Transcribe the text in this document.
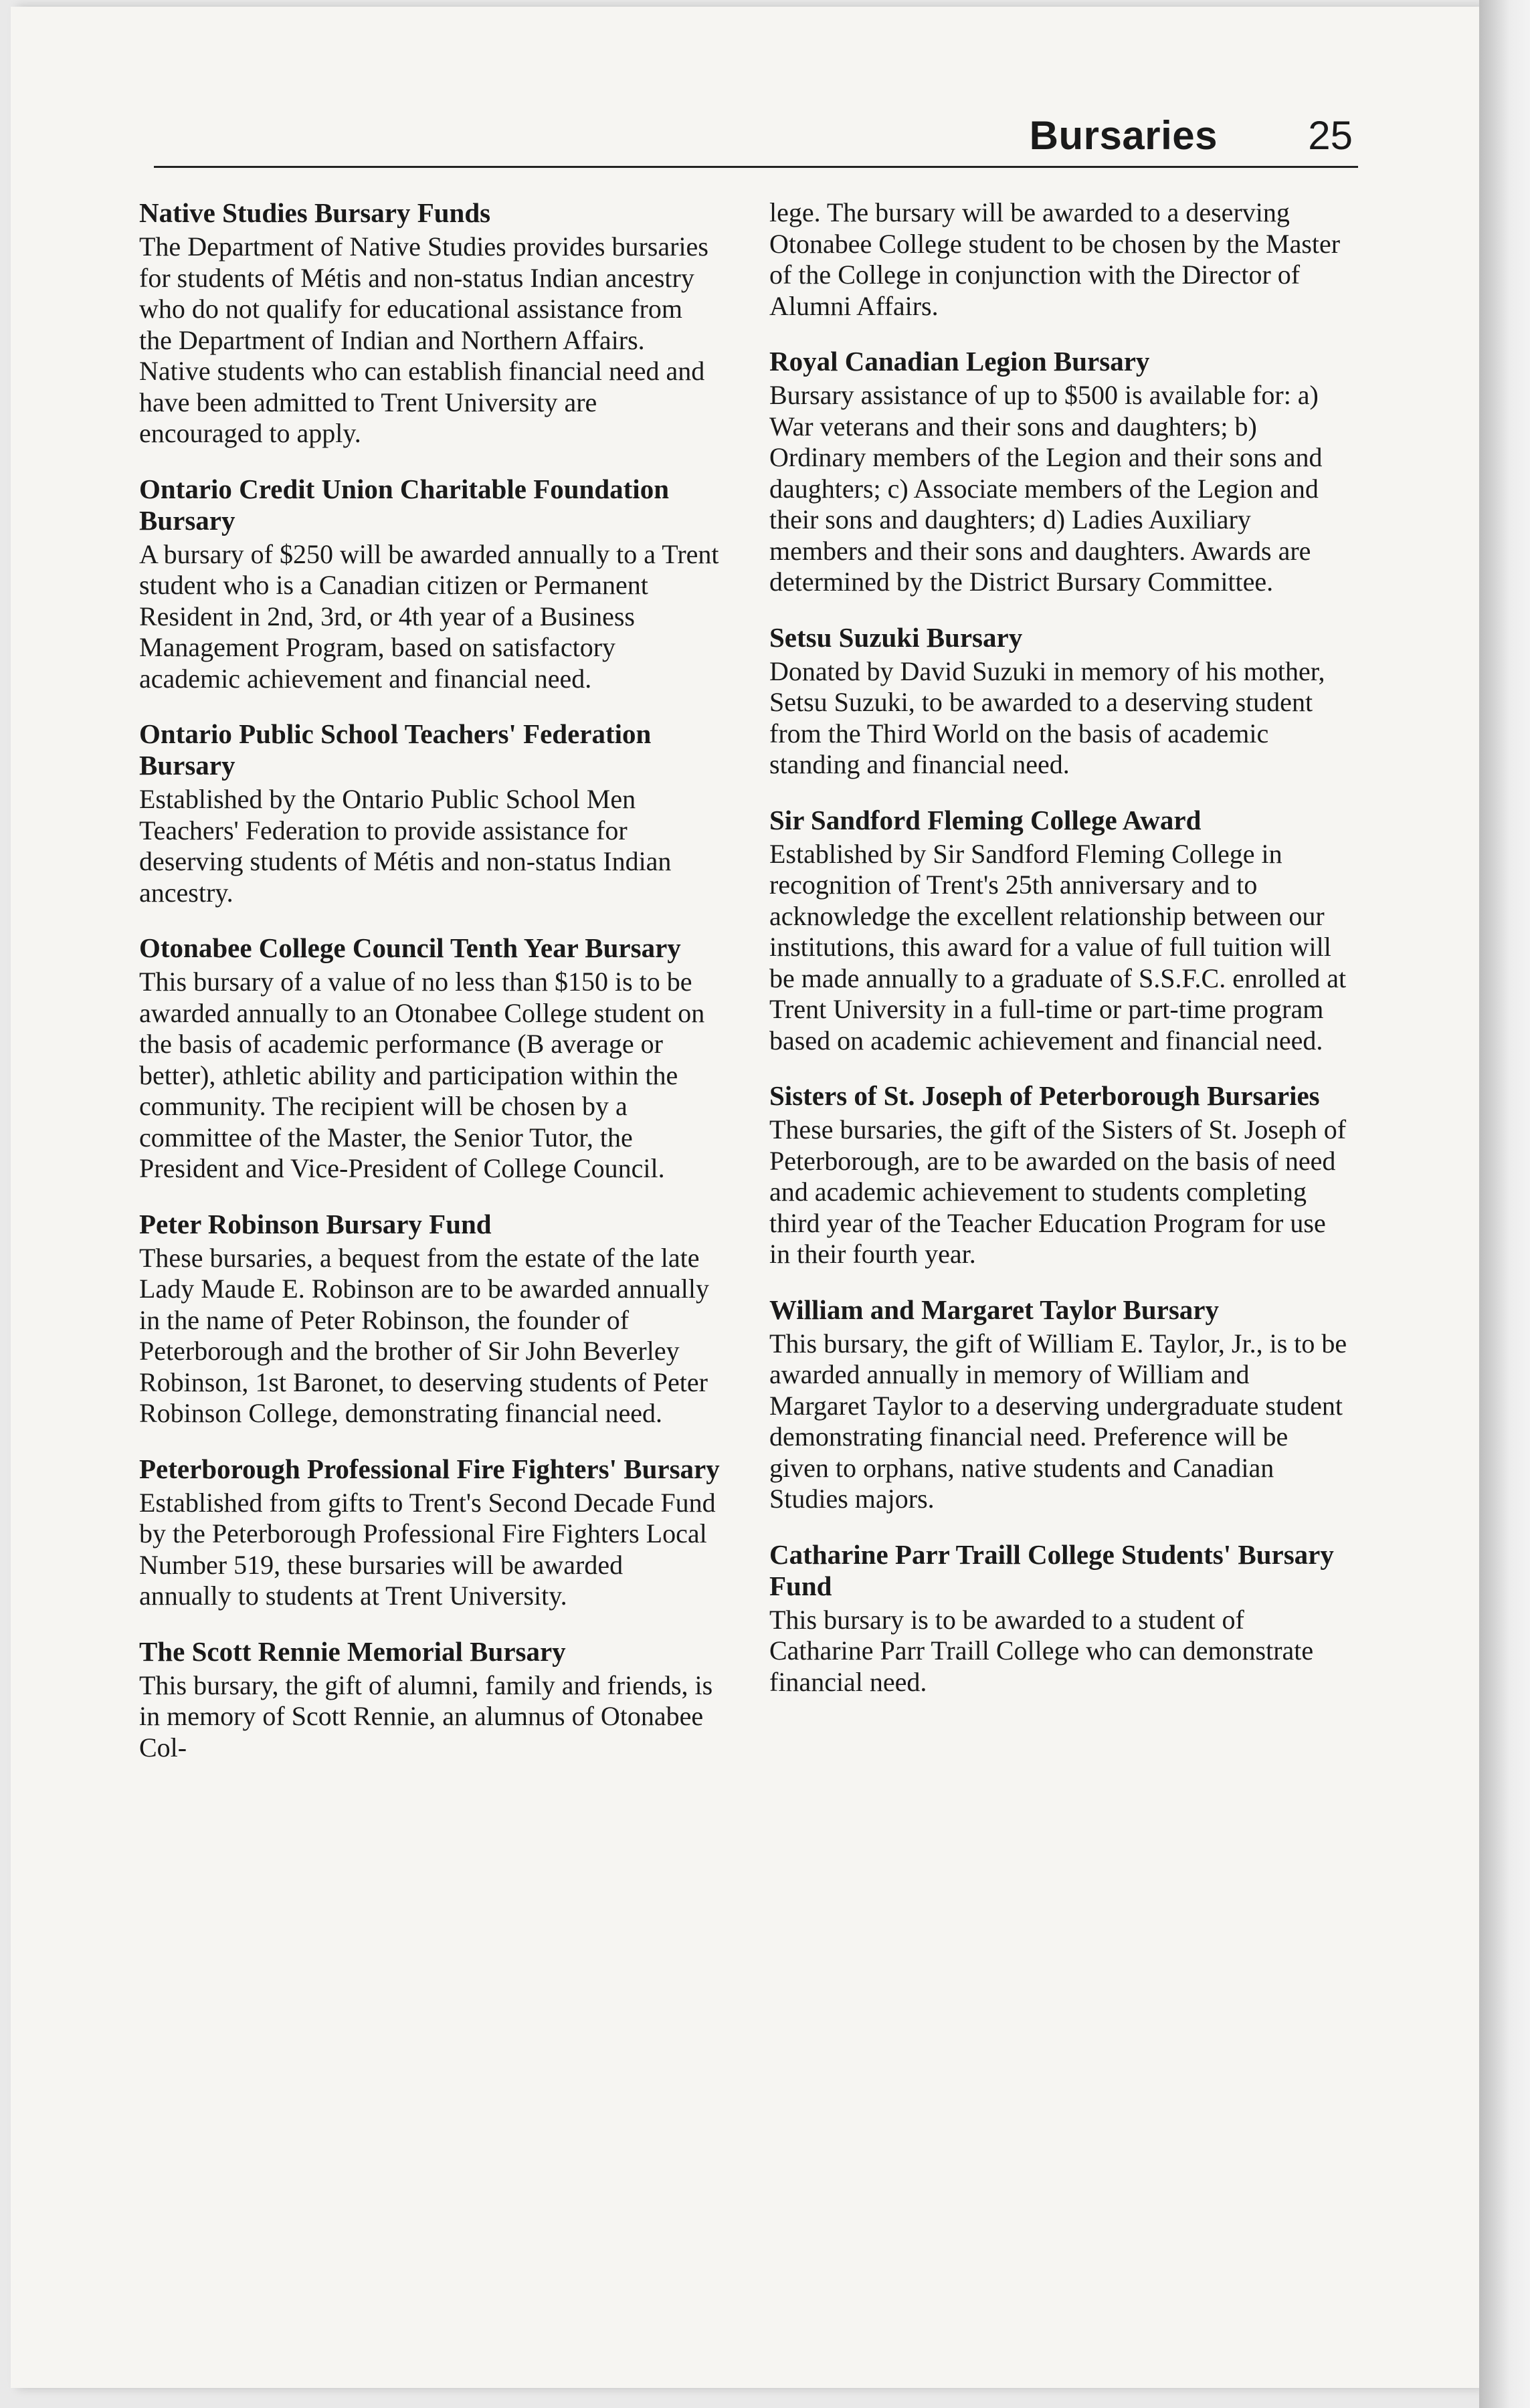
Bursaries 25
Native Studies Bursary Funds

The Department of Native Studies provides bursaries for students of Métis and non-status Indian ancestry who do not qualify for educational assistance from the Department of Indian and Northern Affairs. Native students who can establish financial need and have been admitted to Trent University are encouraged to apply.

Ontario Credit Union Charitable Foundation Bursary

A bursary of $250 will be awarded annually to a Trent student who is a Canadian citizen or Permanent Resident in 2nd, 3rd, or 4th year of a Business Management Program, based on satisfactory academic achievement and financial need.

Ontario Public School Teachers' Federation Bursary

Established by the Ontario Public School Men Teachers' Federation to provide assistance for deserving students of Métis and non-status Indian ancestry.

Otonabee College Council Tenth Year Bursary

This bursary of a value of no less than $150 is to be awarded annually to an Otonabee College student on the basis of academic performance (B average or better), athletic ability and participation within the community. The recipient will be chosen by a committee of the Master, the Senior Tutor, the President and Vice-President of College Council.

Peter Robinson Bursary Fund

These bursaries, a bequest from the estate of the late Lady Maude E. Robinson are to be awarded annually in the name of Peter Robinson, the founder of Peterborough and the brother of Sir John Beverley Robinson, 1st Baronet, to deserving students of Peter Robinson College, demonstrating financial need.

Peterborough Professional Fire Fighters' Bursary

Established from gifts to Trent's Second Decade Fund by the Peterborough Professional Fire Fighters Local Number 519, these bursaries will be awarded annually to students at Trent University.

The Scott Rennie Memorial Bursary

This bursary, the gift of alumni, family and friends, is in memory of Scott Rennie, an alumnus of Otonabee Col-

lege. The bursary will be awarded to a deserving Otonabee College student to be chosen by the Master of the College in conjunction with the Director of Alumni Affairs.

Royal Canadian Legion Bursary

Bursary assistance of up to $500 is available for: a) War veterans and their sons and daughters; b) Ordinary members of the Legion and their sons and daughters; c) Associate members of the Legion and their sons and daughters; d) Ladies Auxiliary members and their sons and daughters. Awards are determined by the District Bursary Committee.

Setsu Suzuki Bursary

Donated by David Suzuki in memory of his mother, Setsu Suzuki, to be awarded to a deserving student from the Third World on the basis of academic standing and financial need.

Sir Sandford Fleming College Award

Established by Sir Sandford Fleming College in recognition of Trent's 25th anniversary and to acknowledge the excellent relationship between our institutions, this award for a value of full tuition will be made annually to a graduate of S.S.F.C. enrolled at Trent University in a full-time or part-time program based on academic achievement and financial need.

Sisters of St. Joseph of Peterborough Bursaries

These bursaries, the gift of the Sisters of St. Joseph of Peterborough, are to be awarded on the basis of need and academic achievement to students completing third year of the Teacher Education Program for use in their fourth year.

William and Margaret Taylor Bursary

This bursary, the gift of William E. Taylor, Jr., is to be awarded annually in memory of William and Margaret Taylor to a deserving undergraduate student demonstrating financial need. Preference will be given to orphans, native students and Canadian Studies majors.

Catharine Parr Traill College Students' Bursary Fund

This bursary is to be awarded to a student of Catharine Parr Traill College who can demonstrate financial need.
